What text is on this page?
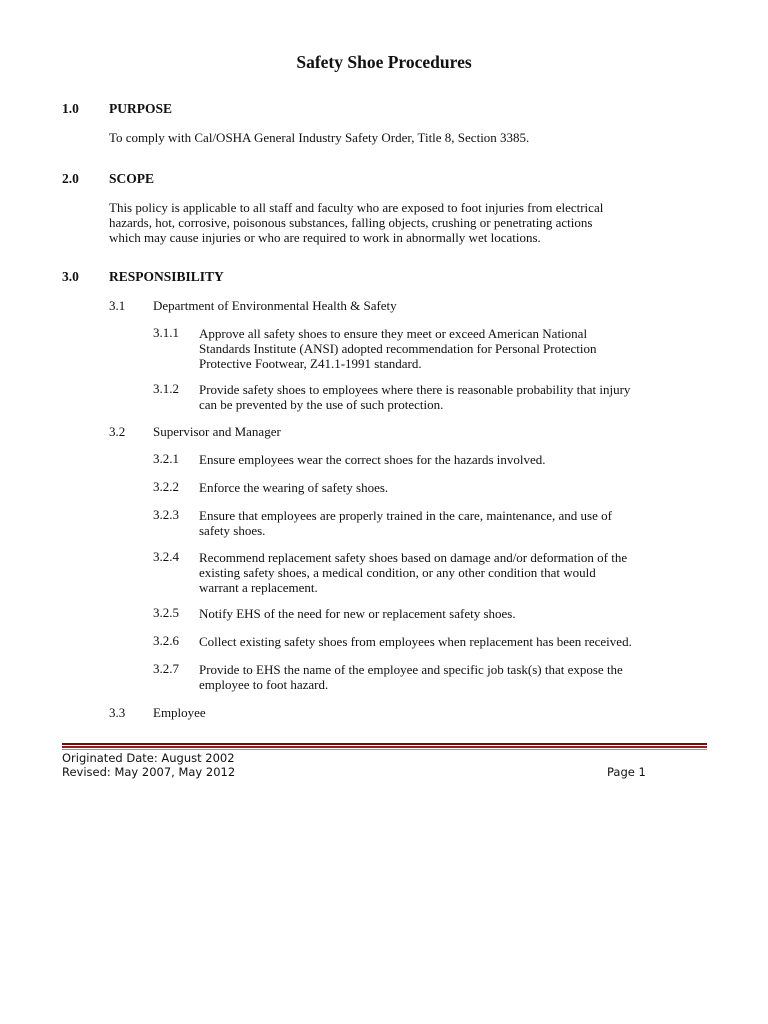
Safety Shoe Procedures
1.0 PURPOSE
To comply with Cal/OSHA General Industry Safety Order, Title 8, Section 3385.
2.0 SCOPE
This policy is applicable to all staff and faculty who are exposed to foot injuries from electrical
hazards, hot, corrosive, poisonous substances, falling objects, crushing or penetrating actions
which may cause injuries or who are required to work in abnormally wet locations.
3.0 RESPONSIBILITY
3.1 Department of Environmental Health & Safety
3.1.1 Approve all safety shoes to ensure they meet or exceed American National
Standards Institute (ANSI) adopted recommendation for Personal Protection
Protective Footwear, Z41.1-1991 standard.
3.1.2 Provide safety shoes to employees where there is reasonable probability that injury
can be prevented by the use of such protection.
3.2 Supervisor and Manager
3.2.1 Ensure employees wear the correct shoes for the hazards involved.
3.2.2 Enforce the wearing of safety shoes.
3.2.3 Ensure that employees are properly trained in the care, maintenance, and use of
safety shoes.
3.2.4 Recommend replacement safety shoes based on damage and/or deformation of the
existing safety shoes, a medical condition, or any other condition that would
warrant a replacement.
3.2.5 Notify EHS of the need for new or replacement safety shoes.
3.2.6 Collect existing safety shoes from employees when replacement has been received.
3.2.7 Provide to EHS the name of the employee and specific job task(s) that expose the
employee to foot hazard.
3.3 Employee
Originated Date: August 2002
Revised: May 2007, May 2012	Page 1
